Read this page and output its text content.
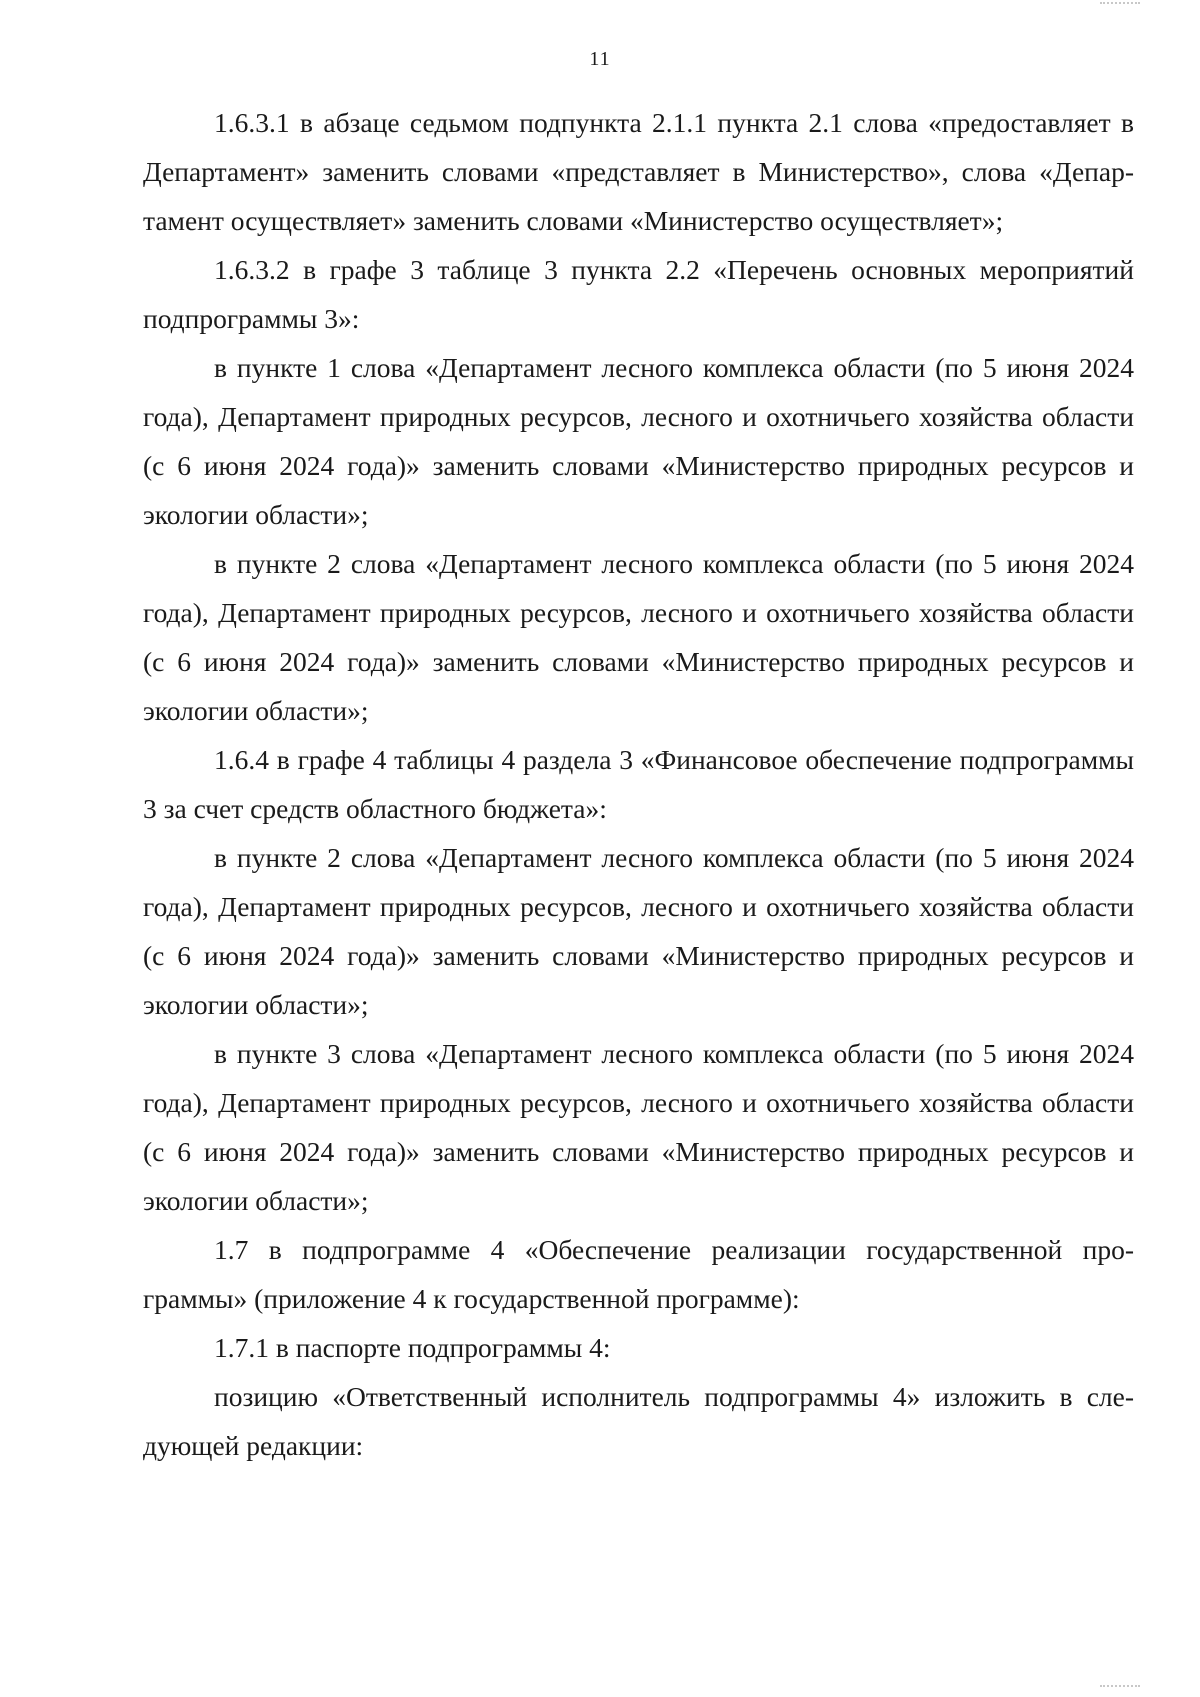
11

1.6.3.1 в абзаце седьмом подпункта 2.1.1 пункта 2.1 слова «предоставляет в Департамент» заменить словами «представляет в Министерство», слова «Департамент осуществляет» заменить словами «Министерство осуществляет»;

1.6.3.2 в графе 3 таблице 3 пункта 2.2 «Перечень основных мероприятий подпрограммы 3»:

в пункте 1 слова «Департамент лесного комплекса области (по 5 июня 2024 года), Департамент природных ресурсов, лесного и охотничьего хозяйства области (с 6 июня 2024 года)» заменить словами «Министерство природных ресурсов и экологии области»;

в пункте 2 слова «Департамент лесного комплекса области (по 5 июня 2024 года), Департамент природных ресурсов, лесного и охотничьего хозяйства области (с 6 июня 2024 года)» заменить словами «Министерство природных ресурсов и экологии области»;

1.6.4 в графе 4 таблицы 4 раздела 3 «Финансовое обеспечение подпрограммы 3 за счет средств областного бюджета»:

в пункте 2 слова «Департамент лесного комплекса области (по 5 июня 2024 года), Департамент природных ресурсов, лесного и охотничьего хозяйства области (с 6 июня 2024 года)» заменить словами «Министерство природных ресурсов и экологии области»;

в пункте 3 слова «Департамент лесного комплекса области (по 5 июня 2024 года), Департамент природных ресурсов, лесного и охотничьего хозяйства области (с 6 июня 2024 года)» заменить словами «Министерство природных ресурсов и экологии области»;

1.7 в подпрограмме 4 «Обеспечение реализации государственной программы» (приложение 4 к государственной программе):

1.7.1 в паспорте подпрограммы 4:

позицию «Ответственный исполнитель подпрограммы 4» изложить в следующей редакции:
